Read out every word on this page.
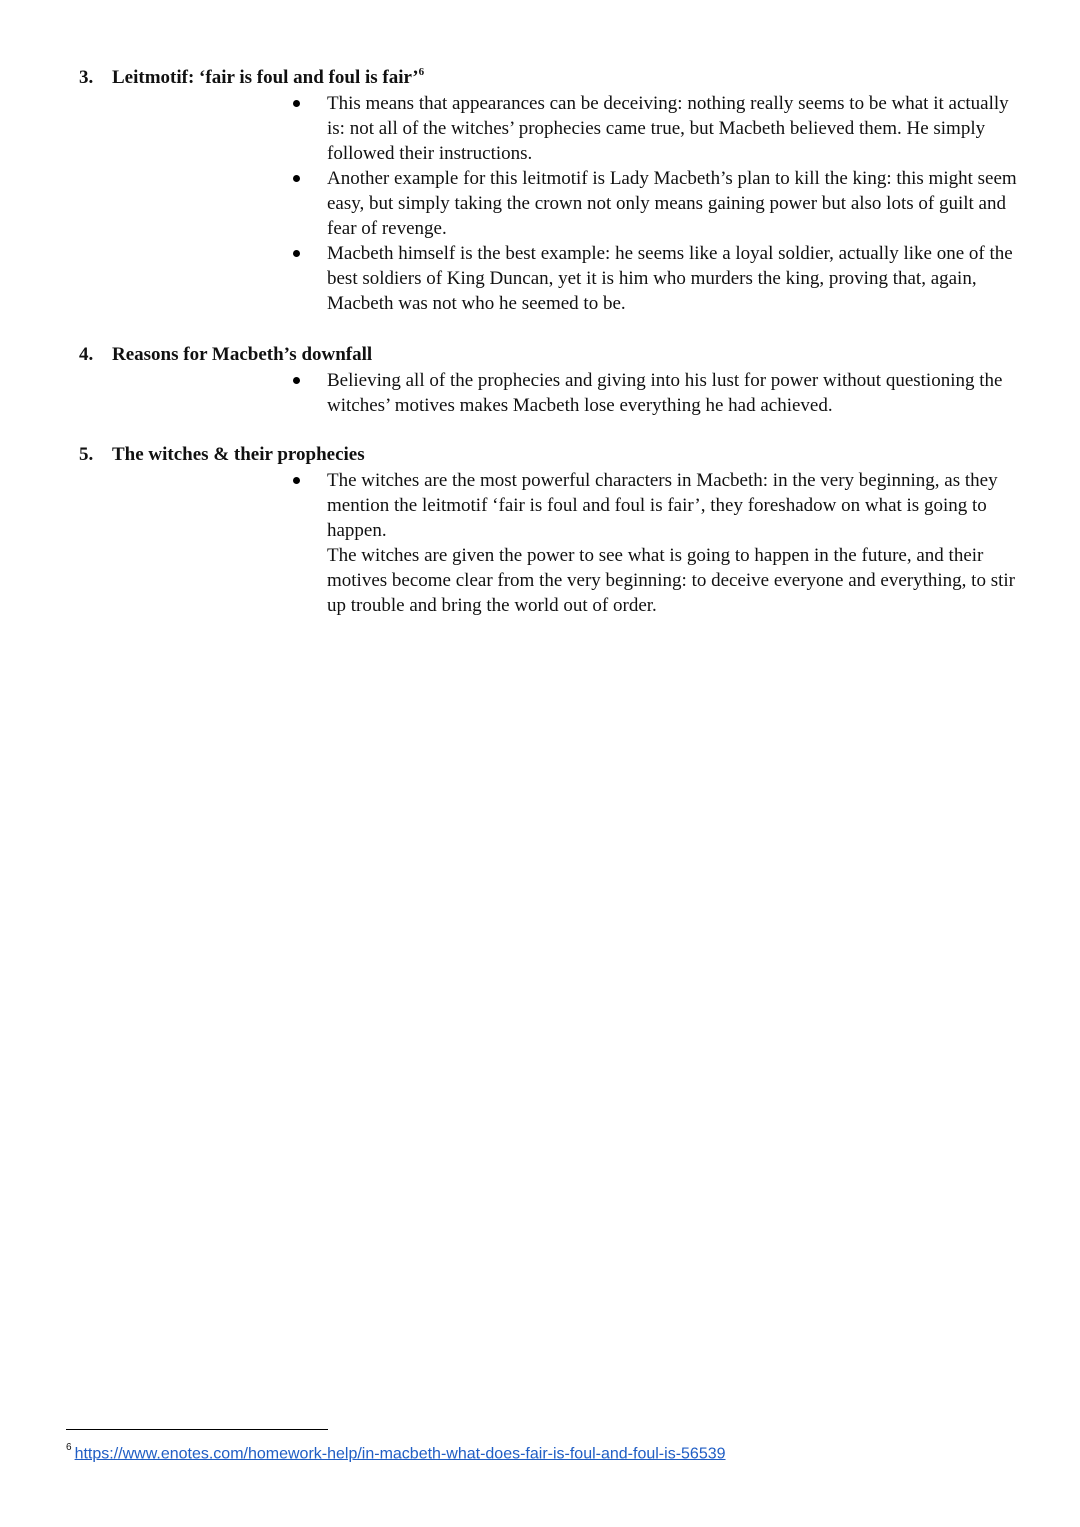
3. Leitmotif: ‘fair is foul and foul is fair’$^6$
This means that appearances can be deceiving: nothing really seems to be what it actually is: not all of the witches’ prophecies came true, but Macbeth believed them. He simply followed their instructions.
Another example for this leitmotif is Lady Macbeth’s plan to kill the king: this might seem easy, but simply taking the crown not only means gaining power but also lots of guilt and fear of revenge.
Macbeth himself is the best example: he seems like a loyal soldier, actually like one of the best soldiers of King Duncan, yet it is him who murders the king, proving that, again, Macbeth was not who he seemed to be.
4. Reasons for Macbeth’s downfall
Believing all of the prophecies and giving into his lust for power without questioning the witches’ motives makes Macbeth lose everything he had achieved.
5. The witches & their prophecies
The witches are the most powerful characters in Macbeth: in the very beginning, as they mention the leitmotif ‘fair is foul and foul is fair’, they foreshadow on what is going to happen.

The witches are given the power to see what is going to happen in the future, and their motives become clear from the very beginning: to deceive everyone and everything, to stir up trouble and bring the world out of order.

$^6$ https://www.enotes.com/homework-help/in-macbeth-what-does-fair-is-foul-and-foul-is-56539
